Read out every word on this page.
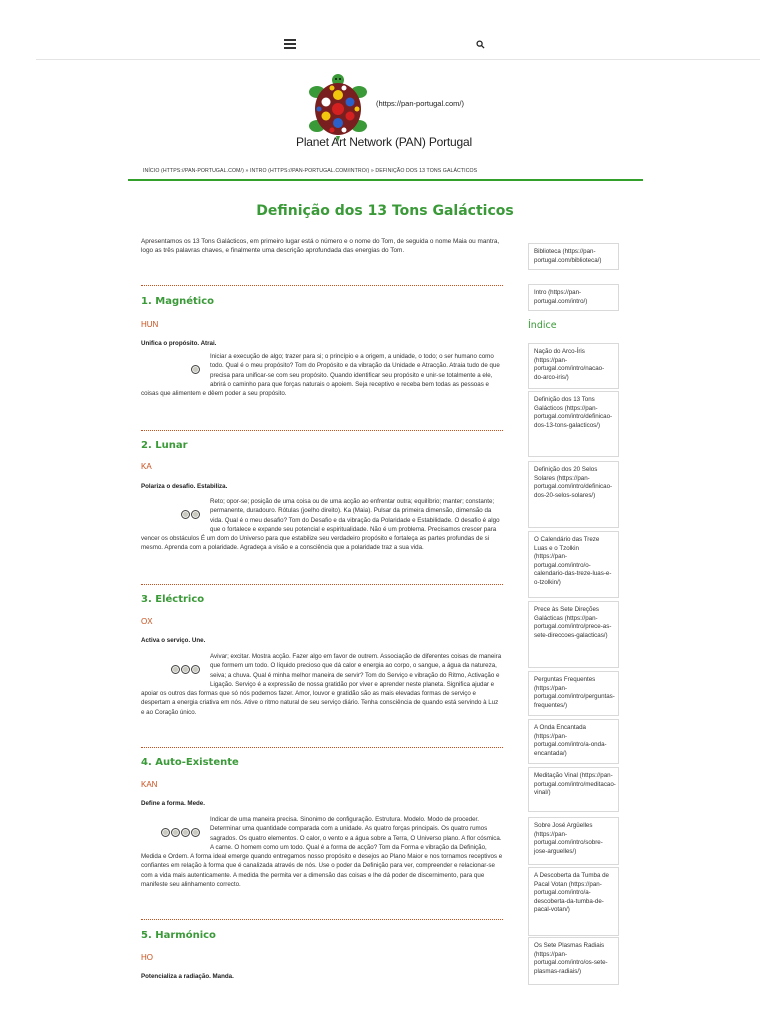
(https://pan-portugal.com/)
Planet Art Network (PAN) Portugal
INÍCIO (HTTPS://PAN-PORTUGAL.COM/) » INTRO (HTTPS://PAN-PORTUGAL.COM/INTRO/) » DEFINIÇÃO DOS 13 TONS GALÁCTICOS
Definição dos 13 Tons Galácticos

Apresentamos os 13 Tons Galácticos, em primeiro lugar está o número e o nome do Tom, de seguida o nome Maia ou mantra, logo as três palavras chaves, e finalmente uma descrição aprofundada das energias do Tom.

1. Magnético
HUN
Unifica o propósito. Atrai.
Iniciar a execução de algo; trazer para si; o princípio e a origem, a unidade, o todo; o ser humano como todo. Qual é o meu propósito? Tom do Propósito e da vibração da Unidade e Atracção. Atraia tudo de que precisa para unificar-se com seu propósito. Quando identificar seu propósito e unir-se totalmente a ele, abrirá o caminho para que forças naturais o apoiem. Seja receptivo e receba bem todas as pessoas e coisas que alimentem e dêem poder a seu propósito.
2. Lunar
KA
Polariza o desafio. Estabiliza.
Reto; opor-se; posição de uma coisa ou de uma acção ao enfrentar outra; equilíbrio; manter; constante; permanente, duradouro. Rótulas (joelho direito). Ka (Maia). Pulsar da primeira dimensão, dimensão da vida. Qual é o meu desafio? Tom do Desafio e da vibração da Polaridade e Estabilidade. O desafio é algo que o fortalece e expande seu potencial e espiritualidade. Não é um problema. Precisamos crescer para vencer os obstáculos É um dom do Universo para que estabilize seu verdadeiro propósito e fortaleça as partes profundas de si mesmo. Aprenda com a polaridade. Agradeça a visão e a consciência que a polaridade traz a sua vida.
3. Eléctrico
OX
Activa o serviço. Une.
Avivar; excitar. Mostra acção. Fazer algo em favor de outrem. Associação de diferentes coisas de maneira que formem um todo. O líquido precioso que dá calor e energia ao corpo, o sangue, a água da natureza, seiva; a chuva. Qual é minha melhor maneira de servir? Tom do Serviço e vibração do Ritmo, Activação e Ligação. Serviço é a expressão de nossa gratidão por viver e aprender neste planeta. Significa ajudar e apoiar os outros das formas que só nós podemos fazer. Amor, louvor e gratidão são as mais elevadas formas de serviço e despertam a energia criativa em nós. Ative o ritmo natural de seu serviço diário. Tenha consciência de quando está servindo à Luz e ao Coração único.
4. Auto-Existente
KAN
Define a forma. Mede.
Indicar de uma maneira precisa. Sinonimo de configuração. Estrutura. Modelo. Modo de proceder. Determinar uma quantidade comparada com a unidade. As quatro forças principais. Os quatro rumos sagrados. Os quatro elementos. O calor, o vento e a água sobre a Terra, O Universo plano. A flor cósmica. A carne. O homem como um todo. Qual é a forma de acção? Tom da Forma e vibração da Definição, Medida e Ordem. A forma ideal emerge quando entregamos nosso propósito e desejos ao Plano Maior e nos tornamos receptivos e confiantes em relação à forma que é canalizada através de nós. Use o poder da Definição para ver, compreender e relacionar-se com a vida mais autenticamente. A medida the permita ver a dimensão das coisas e lhe dá poder de discernimento, para que manifeste seu alinhamento correcto.
5. Harmónico
HO
Potencializa a radiação. Manda.
Biblioteca (https://pan-portugal.com/biblioteca/)
Intro (https://pan-portugal.com/intro/)
Índice
Nação do Arco-Íris (https://pan-portugal.com/intro/nacao-do-arco-iris/)
Definição dos 13 Tons Galácticos (https://pan-portugal.com/intro/definicao-dos-13-tons-galacticos/)
Definição dos 20 Selos Solares (https://pan-portugal.com/intro/definicao-dos-20-selos-solares/)
O Calendário das Treze Luas e o Tzolkin (https://pan-portugal.com/intro/o-calendario-das-treze-luas-e-o-tzolkin/)
Prece às Sete Direções Galácticas (https://pan-portugal.com/intro/prece-as-sete-direccoes-galacticas/)
Perguntas Frequentes (https://pan-portugal.com/intro/perguntas-frequentes/)
A Onda Encantada (https://pan-portugal.com/intro/a-onda-encantada/)
Meditação Vinal (https://pan-portugal.com/intro/meditacao-vinal/)
Sobre José Argüelles (https://pan-portugal.com/intro/sobre-jose-arguelles/)
A Descoberta da Tumba de Pacal Votan (https://pan-portugal.com/intro/a-descoberta-da-tumba-de-pacal-votan/)
Os Sete Plasmas Radiais (https://pan-portugal.com/intro/os-sete-plasmas-radiais/)
